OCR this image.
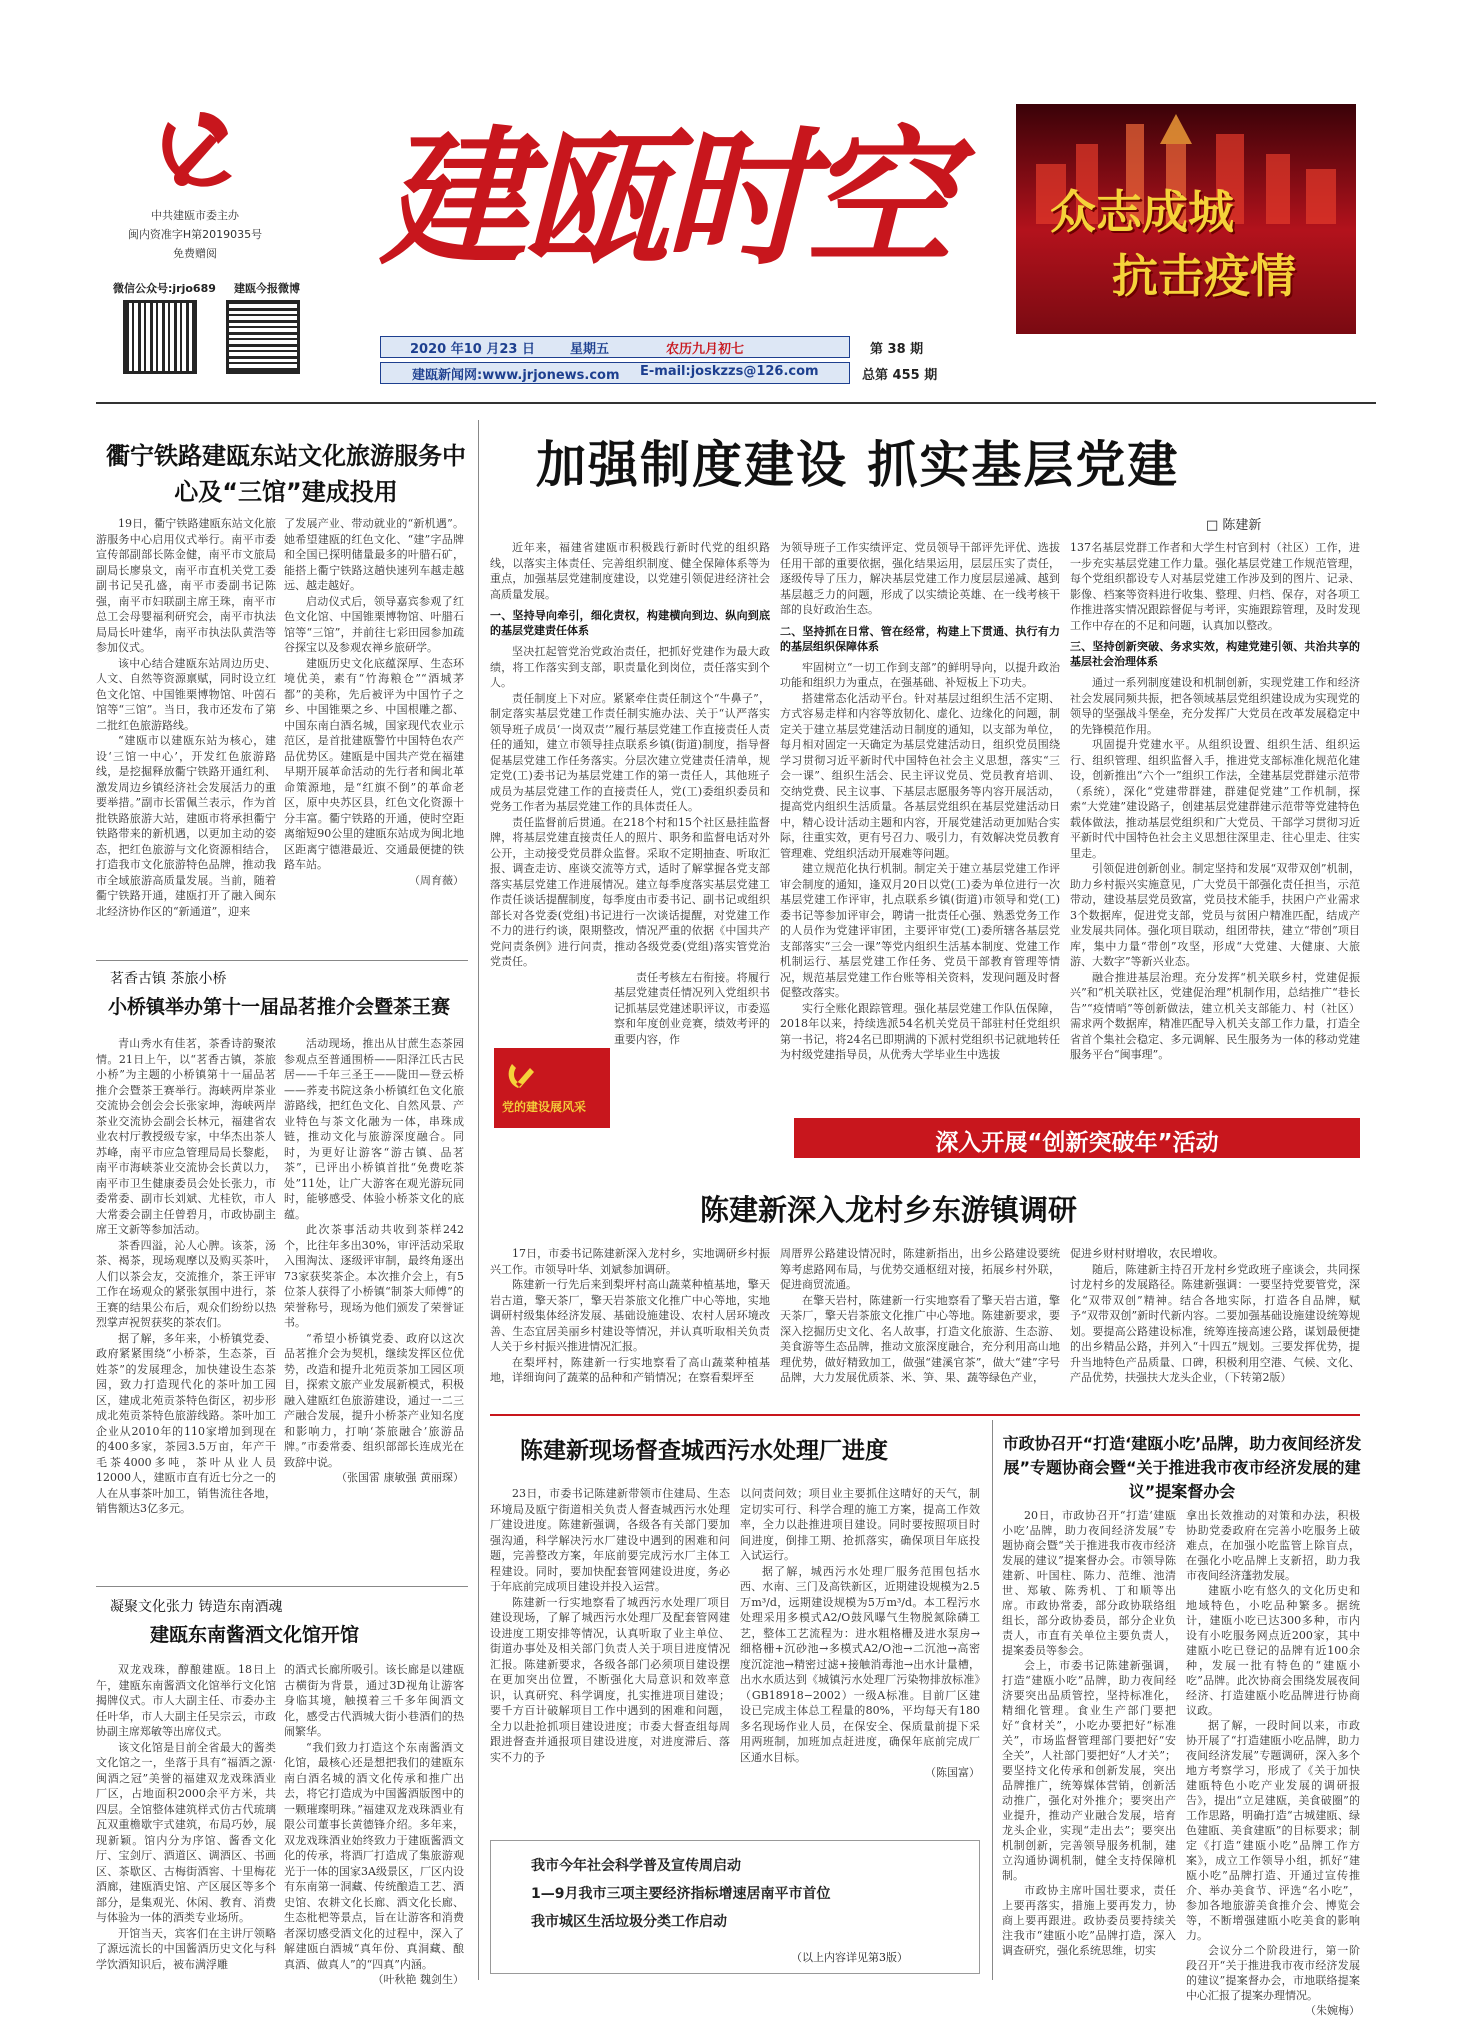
中共建瓯市委主办
闽内资准字H第2019035号
免费赠阅
微信公众号:jrjo689 建瓯今报微博
建瓯时空 众志成城
抗击疫情
2020 年10 月23 日	星期五	农历九月初七
建瓯新闻网:www.jrjonews.com E-mail:joskzzs@126.com
第 38 期
总第 455 期
衢宁铁路建瓯东站文化旅游服务中心及“三馆”建成投用

19日，衢宁铁路建瓯东站文化旅游服务中心启用仪式举行。南平市委宣传部副部长陈金健，南平市文旅局副局长廖泉文，南平市直机关党工委副书记吴孔盛，南平市委副书记陈强，南平市妇联副主席王珠，南平市总工会母婴福利研究会，南平市执法局局长叶建华，南平市执法队黄浩等参加仪式。

该中心结合建瓯东站周边历史、人文、自然等资源禀赋，同时设立红色文化馆、中国锥栗博物馆、叶茵石馆等“三馆”。当日，我市还发布了第二批红色旅游路线。

“建瓯市以建瓯东站为核心，建设‘三馆一中心’，开发红色旅游路线，是挖掘释放衢宁铁路开通红利、激发周边乡镇经济社会发展活力的重要举措。”副市长雷佩兰表示，作为首批铁路旅游大站，建瓯市将承担衢宁铁路带来的新机遇，以更加主动的姿态，把红色旅游与文化资源相结合，打造我市文化旅游特色品牌，推动我市全域旅游高质量发展。当前，随着衢宁铁路开通，建瓯打开了融入闽东北经济协作区的“新通道”，迎来

了发展产业、带动就业的“新机遇”。她希望建瓯的红色文化、“建”字品牌和全国已探明储量最多的叶腊石矿，能搭上衢宁铁路这趟快速列车越走越远、越走越好。

启动仪式后，领导嘉宾参观了红色文化馆、中国锥栗博物馆、叶腊石馆等“三馆”，并前往七彩田园参加疏谷探宝以及参观农禅乡旅研学。

建瓯历史文化底蕴深厚、生态环境优美，素有“竹海粮仓”“酒城茅都”的美称，先后被评为中国竹子之乡、中国锥栗之乡、中国根雕之都、中国东南白酒名城，国家现代农业示范区，是首批建瓯警竹中国特色农产品优势区。建瓯是中国共产党在福建早期开展革命活动的先行者和闽北革命策源地，是“红旗不倒”的革命老区，原中央苏区县，红色文化资源十分丰富。衢宁铁路的开通，使时空距离缩短90公里的建瓯东站成为闽北地区距离宁德港最近、交通最便捷的铁路车站。

（周育薇）
茗香古镇 茶旅小桥
小桥镇举办第十一届品茗推介会暨茶王赛

青山秀水有佳茗，茶香诗韵聚浓情。21日上午，以“茗香古镇，茶旅小桥”为主题的小桥镇第十一届品茗推介会暨茶王赛举行。海峡两岸茶业交流协会创会会长张家坤，海峡两岸茶业交流协会副会长林元，福建省农业农村厅教授级专家，中华杰出茶人苏峰，南平市应急管理局局长黎彪，南平市海峡茶业交流协会长黄以力，南平市卫生健康委员会处长张力，市委常委、副市长刘斌、尤桂钦，市人大常委会副主任曾碧月，市政协副主席王文新等参加活动。

茶香四溢，沁人心脾。该茶，汤茶、褐茶，现场观摩以及购买茶叶，人们以茶会友，交流推介，茶王评审工作在场观众的紧张氛围中进行，茶王赛的结果公布后，观众们纷纷以热烈掌声祝贺获奖的茶农们。

据了解，多年来，小桥镇党委、政府紧紧围绕“小桥茶，生态茶，百姓茶”的发展理念，加快建设生态茶园，致力打造现代化的茶叶加工园区，建成北苑贡茶特色街区，初步形成北苑贡茶特色旅游线路。茶叶加工企业从2010年的110家增加到现在的400多家，茶园3.5万亩，年产干毛茶4000多吨，茶叶从业人员12000人，建瓯市直有近七分之一的人在从事茶叶加工，销售流往各地，销售额达3亿多元。

活动现场，推出从甘蔗生态茶园参观点至普通围桥——阳泽江氏古民居——千年三圣王——陇田—登云桥——荞麦书院这条小桥镇红色文化旅游路线，把红色文化、自然风景、产业特色与茶文化融为一体，串珠成链，推动文化与旅游深度融合。同时，为更好让游客“游古镇、品茗茶”，已评出小桥镇首批“免费吃茶处”11处，让广大游客在观光游玩同时，能够感受、体验小桥茶文化的底蕴。

此次茶事活动共收到茶样242个，比往年多出30%，审评活动采取入围淘汰、逐级评审制，最终角逐出73家获奖茶企。本次推介会上，有5位茶人获得了小桥镇“制茶大师傅”的荣誉称号，现场为他们颁发了荣誉证书。

“希望小桥镇党委、政府以这次品茗推介会为契机，继续发挥区位优势，改造和提升北苑贡茶加工园区项目，探索文旅产业发展新模式，积极融入建瓯红色旅游建设，通过一二三产融合发展，提升小桥茶产业知名度和影响力，打响‘茶旅融合’旅游品牌。”市委常委、组织部部长连成光在致辞中说。

（张国雷 康敏强 黄丽琛）
凝聚文化张力 铸造东南酒魂
建瓯东南酱酒文化馆开馆

双龙戏珠，醇酿建瓯。18日上午，建瓯东南酱酒文化馆举行文化馆揭牌仪式。市人大副主任、市委办主任叶华，市人大副主任吴宗云，市政协副主席郑敏等出席仪式。

该文化馆是目前全省最大的酱类文化馆之一，坐落于具有“福酒之源·闽酒之冠”美誉的福建双龙戏珠酒业厂区，占地面积2000余平方米，共四层。全馆整体建筑样式仿古代琉璃瓦双重檐歇宇式建筑，布局巧妙，展现新颖。馆内分为序馆、酱香文化厅、宝剑厅、酒道区、调酒区、书画区、茶歇区、古梅街酒窖、十里梅花酒廊，建瓯酒史馆、产区展区等多个部分，是集观光、休闲、教育、消费与体验为一体的酒类专业场所。

开馆当天，宾客们在主讲厅领略了源远流长的中国酱酒历史文化与科学饮酒知识后，被布满浮雕

的酒式长廊所吸引。该长廊是以建瓯古横街为背景，通过3D视角让游客身临其境，触摸着三千多年闽酒文化，感受古代酒城大街小巷酒们的热闹繁华。

“我们致力打造这个东南酱酒文化馆，最核心还是想把我们的建瓯东南白酒名城的酒文化传承和推广出去，将它打造成为中国酱酒版图中的一颗璀璨明珠。”福建双龙戏珠酒业有限公司董事长黄德锋介绍。多年来，双龙戏珠酒业始终致力于建瓯酱酒文化的传承，将酒厂打造成了集旅游观光于一体的国家3A级景区，厂区内设有东南第一洞藏、传统酿造工艺、酒史馆、农耕文化长廊、酒文化长廊、生态枇杷等景点，旨在让游客和消费者深切感受酒文化的过程中，深入了解建瓯白酒城“真年份、真洞藏、酿真酒、做真人”的“四真”内涵。

（叶秋艳 魏剑生）
加强制度建设 抓实基层党建
□ 陈建新

近年来，福建省建瓯市积极践行新时代党的组织路线，以落实主体责任、完善组织制度、健全保障体系等为重点，加强基层党建制度建设，以党建引领促进经济社会高质量发展。

一、坚持导向牵引，细化责权，构建横向到边、纵向到底的基层党建责任体系

坚决扛起管党治党政治责任，把抓好党建作为最大政绩，将工作落实到支部，职责量化到岗位，责任落实到个人。

责任制度上下对应。紧紧牵住责任制这个“牛鼻子”，制定落实基层党建工作责任制实施办法、关于“认严落实领导班子成员‘一岗双责’”履行基层党建工作直接责任人责任的通知，建立市领导挂点联系乡镇(街道)制度，指导督促基层党建工作任务落实。分层次建立党建责任清单，规定党(工)委书记为基层党建工作的第一责任人，其他班子成员为基层党建工作的直接责任人，党(工)委组织委员和党务工作者为基层党建工作的具体责任人。

责任监督前后贯通。在218个村和15个社区悬挂监督牌，将基层党建直接责任人的照片、职务和监督电话对外公开，主动接受党员群众监督。采取不定期抽查、听取汇报、调查走访、座谈交流等方式，适时了解掌握各党支部落实基层党建工作进展情况。建立每季度落实基层党建工作责任谈话提醒制度，每季度由市委书记、副书记或组织部长对各党委(党组)书记进行一次谈话提醒，对党建工作不力的进行约谈，限期整改，情况严重的依据《中国共产党问责条例》进行问责，推动各级党委(党组)落实管党治党责任。

责任考核左右衔接。将履行基层党建责任情况列入党组织书记抓基层党建述职评议，市委巡察和年度创业竞赛，绩效考评的重要内容，作

党的建设展风采

为领导班子工作实绩评定、党员领导干部评先评优、选拔任用干部的重要依据，强化结果运用，层层压实了责任，逐级传导了压力，解决基层党建工作力度层层递减、越到基层越乏力的问题，形成了以实绩论英雄、在一线考核干部的良好政治生态。

二、坚持抓在日常、管在经常，构建上下贯通、执行有力的基层组织保障体系

牢固树立“一切工作到支部”的鲜明导向，以提升政治功能和组织力为重点，在强基础、补短板上下功夫。

搭建常态化活动平台。针对基层过组织生活不定期、方式容易走样和内容等放韧化、虚化、边缘化的问题，制定关于建立基层党建活动日制度的通知，以支部为单位，每月相对固定一天确定为基层党建活动日，组织党员围绕学习贯彻习近平新时代中国特色社会主义思想，落实“三会一课”、组织生活会、民主评议党员、党员教育培训、交纳党费、民主议事、下基层志愿服务等内容开展活动，提高党内组织生活质量。各基层党组织在基层党建活动日中，精心设计活动主题和内容，开展党建活动更加贴合实际，往重实效，更有号召力、吸引力，有效解决党员教育管理难、党组织活动开展难等问题。

建立规范化执行机制。制定关于建立基层党建工作评审会制度的通知，逢双月20日以党(工)委为单位进行一次基层党建工作评审，扎点联系乡镇(街道)市领导和党(工)委书记等参加评审会，聘请一批责任心强、熟悉党务工作的人员作为党建评审团，主要评审党(工)委所辖各基层党支部落实“三会一课”等党内组织生活基本制度、党建工作机制运行、基层党建工作任务、党员干部教育管理等情况，规范基层党建工作台账等相关资料，发现问题及时督促整改落实。

实行全账化跟踪管理。强化基层党建工作队伍保障，2018年以来，持续选派54名机关党员干部驻村任党组织第一书记，将24名已即期满的下派村党组织书记就地转任为村级党建指导员，从优秀大学毕业生中选拔

137名基层党群工作者和大学生村官到村（社区）工作，进一步充实基层党建工作力量。强化基层党建工作规范管理，每个党组织都设专人对基层党建工作涉及到的图片、记录、影像、档案等资料进行收集、整理、归档、保存，对各项工作推进落实情况跟踪督促与考评，实施跟踪管理，及时发现工作中存在的不足和问题，认真加以整改。

三、坚持创新突破、务求实效，构建党建引领、共治共享的基层社会治理体系

通过一系列制度建设和机制创新，实现党建工作和经济社会发展同频共振，把各领域基层党组织建设成为实现党的领导的坚强战斗堡垒，充分发挥广大党员在改革发展稳定中的先锋模范作用。

巩固提升党建水平。从组织设置、组织生活、组织运行、组织管理、组织监督入手，推进党支部标准化规范化建设，创新推出“六个一”组织工作法，全建基层党群建示范带（系统），深化“党建带群建，群建促党建”工作机制，探索“大党建”建设路子，创建基层党建群建示范带等党建特色载体做法，推动基层党组织和广大党员、干部学习贯彻习近平新时代中国特色社会主义思想往深里走、往心里走、往实里走。

引领促进创新创业。制定坚持和发展“双带双创”机制，助力乡村振兴实施意见，广大党员干部强化责任担当，示范带动，建设基层党员致富，党员技术能手，扶困户产业需求3个数据库，促进党支部，党员与贫困户精准匹配，结成产业发展共同体。强化项目联动，组团带扶，建立“带创”项目库，集中力量“带创”攻坚，形成“大党建、大健康、大旅游、大数字”等新兴业态。

融合推进基层治理。充分发挥“机关联乡村，党建促振兴”和“机关联社区，党建促治理”机制作用，总结推广“巷长告”“疫情哨”等创新做法，建立机关支部能力、村（社区）需求两个数据库，精准匹配导入机关支部工作力量，打造全省首个集社会稳定、多元调解、民生服务为一体的移动党建服务平台“闽事理”。

深入开展“创新突破年”活动
陈建新深入龙村乡东游镇调研

17日，市委书记陈建新深入龙村乡，实地调研乡村振兴工作。市领导叶华、刘斌参加调研。

陈建新一行先后来到梨坪村高山蔬菜种植基地，擎天岩古道，擎天茶厂，擎天岩茶旅文化推广中心等地，实地调研村级集体经济发展、基础设施建设、农村人居环境改善、生态宜居美丽乡村建设等情况，并认真听取相关负责人关于乡村振兴推进情况汇报。

在梨坪村，陈建新一行实地察看了高山蔬菜种植基地，详细询问了蔬菜的品种和产销情况；在察看梨坪至

周厝界公路建设情况时，陈建新指出，出乡公路建设要统筹考虑路网布局，与优势交通枢纽对接，拓展乡村外联，促进商贸流通。

在擎天岩村，陈建新一行实地察看了擎天岩古道，擎天茶厂，擎天岩茶旅文化推广中心等地。陈建新要求，要深入挖掘历史文化、名人故事，打造文化旅游、生态游、美食游等生态品牌，推动文旅深度融合，充分利用高山地理优势，做好精致加工，做强“建溪官茶”，做大“建”字号品牌，大力发展优质茶、米、笋、果、蔬等绿色产业，

促进乡财村财增收，农民增收。

随后，陈建新主持召开龙村乡党政班子座谈会，共同探讨龙村乡的发展路径。陈建新强调：一要坚持党要管党，深化“双带双创”精神。结合各地实际，打造各自品牌，赋予“双带双创”新时代新内容。二要加强基础设施建设统筹规划。要提高公路建设标准，统筹连接高速公路，谋划最便捷的出乡精品公路，并列入“十四五”规划。三要发挥优势，提升当地特色产品质量、口碑，积极利用空港、气候、文化、产品优势，扶强扶大龙头企业，（下转第2版）

陈建新现场督查城西污水处理厂进度

23日，市委书记陈建新带领市住建局、生态环境局及瓯宁街道相关负责人督查城西污水处理厂建设进度。陈建新强调，各级各有关部门要加强沟通，科学解决污水厂建设中遇到的困难和问题，完善整改方案，年底前要完成污水厂主体工程建设。同时，要加快配套管网建设进度，务必于年底前完成项目建设并投入运营。

陈建新一行实地察看了城西污水处理厂项目建设现场，了解了城西污水处理厂及配套管网建设进度工期安排等情况，认真听取了业主单位、街道办事处及相关部门负责人关于项目进度情况汇报。陈建新要求，各级各部门必须项目建设摆在更加突出位置，不断强化大局意识和效率意识，认真研究、科学调度，扎实推进项目建设；要千方百计破解项目工作中遇到的困难和问题，全力以赴抢抓项目建设进度；市委大督查组每周跟进督查并通报项目建设进度，对进度滞后、落实不力的予

以问责问效；项目业主要抓住这晴好的天气，制定切实可行、科学合理的施工方案，提高工作效率，全力以赴推进项目建设。同时要按照项目时间进度，倒排工期、抢抓落实，确保项目年底投入试运行。

据了解，城西污水处理厂服务范围包括水西、水南、三门及高铁新区，近期建设规模为2.5万m³/d，远期建设规模为5万m³/d。本工程污水处理采用多模式A2/O鼓风曝气生物脱氮除磷工艺，整体工艺流程为：进水粗格栅及进水泵房→细格栅+沉砂池→多模式A2/O池→二沉池→高密度沉淀池→精密过滤+接触消毒池→出水计量槽，出水水质达到《城镇污水处理厂污染物排放标准》（GB18918−2002）一级A标准。目前厂区建设已完成主体总工程量的80%，平均每天有180多名现场作业人员，在保安全、保质量前提下采用两班制，加班加点赶进度，确保年底前完成厂区通水目标。

（陈国富）
市政协召开“打造‘建瓯小吃’品牌，助力夜间经济发展”专题协商会暨“关于推进我市夜市经济发展的建议”提案督办会

20日，市政协召开“打造‘建瓯小吃’品牌，助力夜间经济发展”专题协商会暨“关于推进我市夜市经济发展的建议”提案督办会。市领导陈建新、叶国柱、陈力、范维、池清世、郑敏、陈秀机、丁和顺等出席。市政协常委，部分政协联络组组长，部分政协委员，部分企业负责人，市直有关单位主要负责人，提案委员等参会。

会上，市委书记陈建新强调，打造“建瓯小吃”品牌，助力夜间经济要突出品质管控，坚持标准化，精细化管理。食业生产部门要把好“食材关”，小吃办要把好“标准关”，市场监督管理部门要把好“安全关”，人社部门要把好“人才关”；要坚持文化传承和创新发展，突出品牌推广，统筹媒体营销，创新活动推广，强化对外推介；要突出产业提升，推动产业融合发展，培育龙头企业，实现“走出去”；要突出机制创新，完善领导服务机制，建立沟通协调机制，健全支持保障机制。

市政协主席叶国壮要求，责任上要再落实，措施上要再发力，协商上要再跟进。政协委员要持续关注我市“建瓯小吃”品牌打造，深入调查研究，强化系统思维，切实

拿出长效推动的对策和办法，积极协助党委政府在完善小吃服务上破难点，在加强小吃监管上除盲点，在强化小吃品牌上支新招，助力我市夜间经济蓬勃发展。

建瓯小吃有悠久的文化历史和地域特色，小吃品种繁多。据统计，建瓯小吃已达300多种，市内设有小吃服务网点近200家，其中建瓯小吃已登记的品牌有近100余种，发展一批有特色的“建瓯小吃”品牌。此次协商会围绕发展夜间经济、打造建瓯小吃品牌进行协商议政。

据了解，一段时间以来，市政协开展了“打造建瓯小吃品牌，助力夜间经济发展”专题调研，深入多个地方考察学习，形成了《关于加快建瓯特色小吃产业发展的调研报告》，提出“立足建瓯，美食破圈”的工作思路，明确打造“古城建瓯、绿色建瓯、美食建瓯”的目标要求；制定《打造“建瓯小吃”品牌工作方案》，成立工作领导小组，抓好“建瓯小吃”品牌打造、开通过宣传推介、举办美食节、评选“名小吃”，参加各地旅游美食推介会、博览会等，不断增强建瓯小吃美食的影响力。

会议分二个阶段进行，第一阶段召开“关于推进我市夜市经济发展的建议”提案督办会，市地联络提案中心汇报了提案办理情况。

（朱婉梅）
我市今年社会科学普及宣传周启动
1—9月我市三项主要经济指标增速居南平市首位
我市城区生活垃圾分类工作启动
（以上内容详见第3版）
